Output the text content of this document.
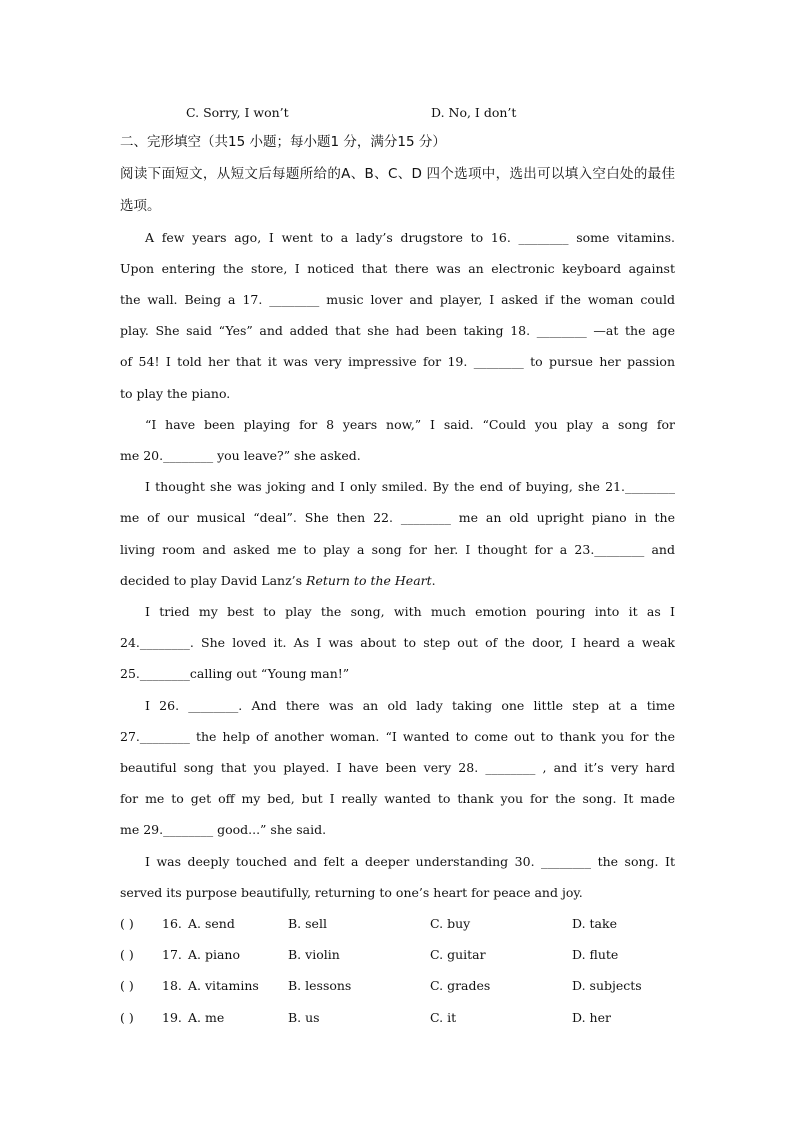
C. Sorry, I won’t	D. No, I don’t
二、完形填空（共15 小题；每小题1 分，满分15 分）
阅读下面短文，从短文后每题所给的A、B、C、D 四个选项中，选出可以填入空白处的最佳
选项。
A few years ago, I went to a lady’s drugstore to 16. ________ some vitamins.
Upon entering the store, I noticed that there was an electronic keyboard against
the wall. Being a 17. ________ music lover and player, I asked if the woman could
play. She said “Yes” and added that she had been taking 18. ________ —at the age
of 54! I told her that it was very impressive for 19. ________ to pursue her passion
to play the piano.
“I have been playing for 8 years now,” I said. “Could you play a song for
me 20.________ you leave?” she asked.
I thought she was joking and I only smiled. By the end of buying, she 21.________
me of our musical “deal”. She then 22. ________ me an old upright piano in the
living room and asked me to play a song for her. I thought for a 23.________ and
decided to play David Lanz’s Return to the Heart.
I tried my best to play the song, with much emotion pouring into it as I
24.________. She loved it. As I was about to step out of the door, I heard a weak
25.________calling out “Young man!”
I 26. ________. And there was an old lady taking one little step at a time
27.________ the help of another woman. “I wanted to come out to thank you for the
beautiful song that you played. I have been very 28. ________ , and it’s very hard
for me to get off my bed, but I really wanted to thank you for the song. It made
me 29.________ good...” she said.
I was deeply touched and felt a deeper understanding 30. ________ the song. It
served its purpose beautifully, returning to one’s heart for peace and joy.
( ) 16. A. send	B. sell	C. buy	D. take
( ) 17. A. piano	B. violin	C. guitar	D. flute
( ) 18. A. vitamins B. lessons	C. grades	D. subjects
( ) 19. A. me	B. us	C. it	D. her
